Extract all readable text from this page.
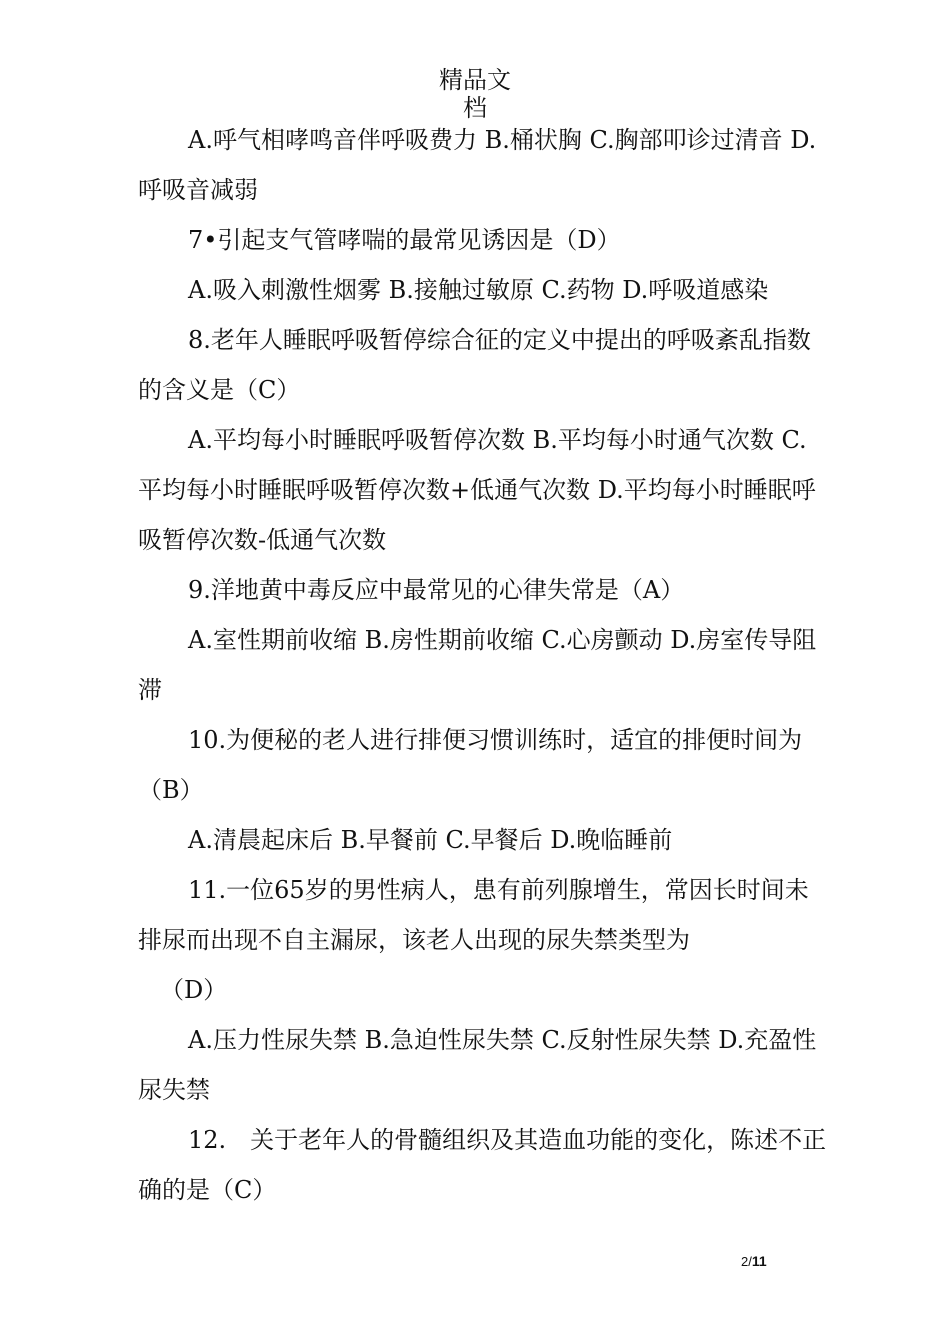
精品文
档

A.呼气相哮鸣音伴呼吸费力 B.桶状胸 C.胸部叩诊过清音 D.呼吸音减弱

7•引起支气管哮喘的最常见诱因是（D）

A.吸入刺激性烟雾 B.接触过敏原 C.药物 D.呼吸道感染

8.老年人睡眠呼吸暂停综合征的定义中提出的呼吸紊乱指数的含义是（C）

A.平均每小时睡眠呼吸暂停次数 B.平均每小时通气次数 C.平均每小时睡眠呼吸暂停次数+低通气次数 D.平均每小时睡眠呼吸暂停次数-低通气次数

9.洋地黄中毒反应中最常见的心律失常是（A）

A.室性期前收缩 B.房性期前收缩 C.心房颤动 D.房室传导阻滞

10.为便秘的老人进行排便习惯训练时，适宜的排便时间为（B）

A.清晨起床后 B.早餐前 C.早餐后 D.晚临睡前

11.一位65岁的男性病人，患有前列腺增生，常因长时间未排尿而出现不自主漏尿，该老人出现的尿失禁类型为

（D）

A.压力性尿失禁 B.急迫性尿失禁 C.反射性尿失禁 D.充盈性尿失禁

12.　关于老年人的骨髓组织及其造血功能的变化，陈述不正确的是（C）

2/11
